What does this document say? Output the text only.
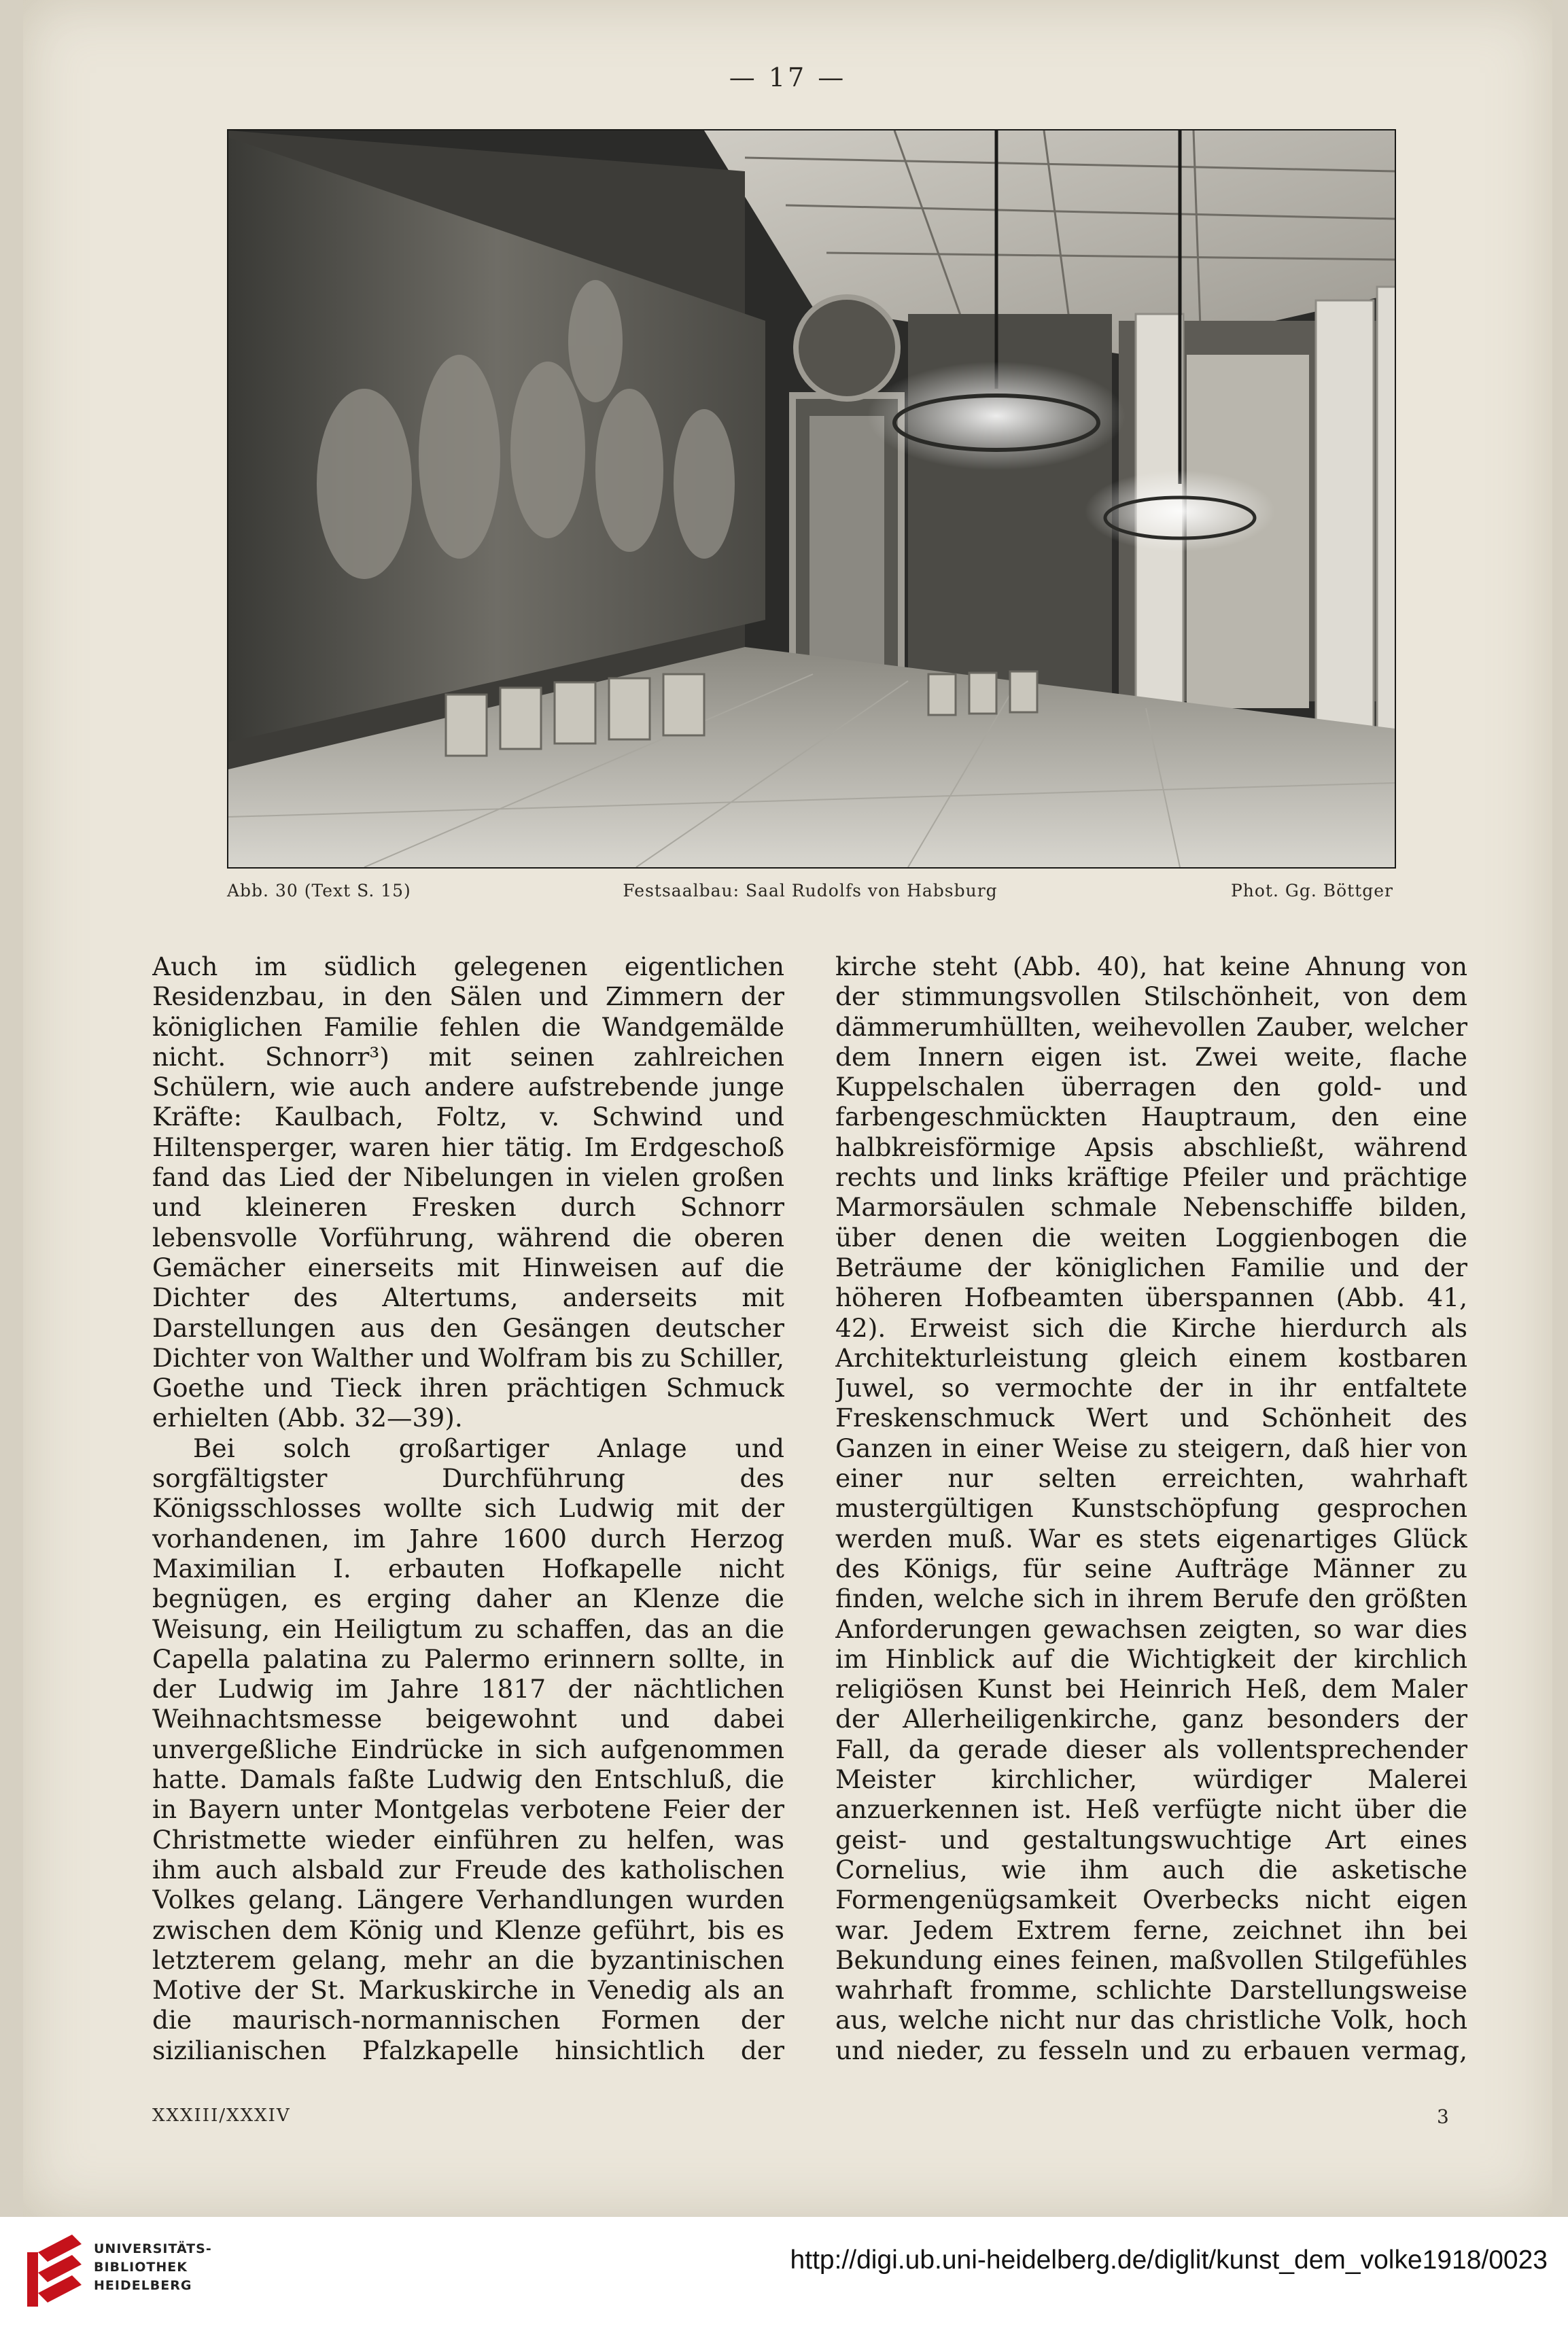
— 17 —
Abb. 30 (Text S. 15)	Festsaalbau: Saal Rudolfs von Habsburg	Phot. Gg. Böttger

Auch im südlich gelegenen eigentlichen Residenzbau, in den Sälen und Zimmern der königlichen Familie fehlen die Wandgemälde nicht. Schnorr³) mit seinen zahlreichen Schülern, wie auch andere aufstrebende junge Kräfte: Kaulbach, Foltz, v. Schwind und Hiltensperger, waren hier tätig. Im Erdgeschoß fand das Lied der Nibelungen in vielen großen und kleineren Fresken durch Schnorr lebensvolle Vorführung, während die oberen Gemächer einerseits mit Hinweisen auf die Dichter des Altertums, anderseits mit Darstellungen aus den Gesängen deutscher Dichter von Walther und Wolfram bis zu Schiller, Goethe und Tieck ihren prächtigen Schmuck erhielten (Abb. 32—39).

Bei solch großartiger Anlage und sorgfältigster Durchführung des Königsschlosses wollte sich Ludwig mit der vorhandenen, im Jahre 1600 durch Herzog Maximilian I. erbauten Hofkapelle nicht begnügen, es erging daher an Klenze die Weisung, ein Heiligtum zu schaffen, das an die Capella palatina zu Palermo erinnern sollte, in der Ludwig im Jahre 1817 der nächtlichen Weihnachtsmesse beigewohnt und dabei unvergeßliche Eindrücke in sich aufgenommen hatte. Damals faßte Ludwig den Entschluß, die in Bayern unter Montgelas verbotene Feier der Christmette wieder einführen zu helfen, was ihm auch alsbald zur Freude des katholischen Volkes gelang. Längere Verhandlungen wurden zwischen dem König und Klenze geführt, bis es letzterem gelang, mehr an die byzantinischen Motive der St. Markuskirche in Venedig als an die maurisch-normannischen Formen der sizilianischen Pfalzkapelle hinsichtlich der

kirche steht (Abb. 40), hat keine Ahnung von der stimmungsvollen Stilschönheit, von dem dämmerumhüllten, weihevollen Zauber, welcher dem Innern eigen ist. Zwei weite, flache Kuppelschalen überragen den gold- und farbengeschmückten Hauptraum, den eine halbkreisförmige Apsis abschließt, während rechts und links kräftige Pfeiler und prächtige Marmorsäulen schmale Nebenschiffe bilden, über denen die weiten Loggienbogen die Beträume der königlichen Familie und der höheren Hofbeamten überspannen (Abb. 41, 42). Erweist sich die Kirche hierdurch als Architekturleistung gleich einem kostbaren Juwel, so vermochte der in ihr entfaltete Freskenschmuck Wert und Schönheit des Ganzen in einer Weise zu steigern, daß hier von einer nur selten erreichten, wahrhaft mustergültigen Kunstschöpfung gesprochen werden muß. War es stets eigenartiges Glück des Königs, für seine Aufträge Männer zu finden, welche sich in ihrem Berufe den größten Anforderungen gewachsen zeigten, so war dies im Hinblick auf die Wichtigkeit der kirchlich religiösen Kunst bei Heinrich Heß, dem Maler der Allerheiligenkirche, ganz besonders der Fall, da gerade dieser als vollentsprechender Meister kirchlicher, würdiger Malerei anzuerkennen ist. Heß verfügte nicht über die geist- und gestaltungswuchtige Art eines Cornelius, wie ihm auch die asketische Formengenügsamkeit Overbecks nicht eigen war. Jedem Extrem ferne, zeichnet ihn bei Bekundung eines feinen, maßvollen Stilgefühles wahrhaft fromme, schlichte Darstellungsweise aus, welche nicht nur das christliche Volk, hoch und nieder, zu fesseln und zu erbauen vermag,

XXXIII/XXXIV	3
UNIVERSITÄTS-
BIBLIOTHEK
HEIDELBERG
http://digi.ub.uni-heidelberg.de/diglit/kunst_dem_volke1918/0023
